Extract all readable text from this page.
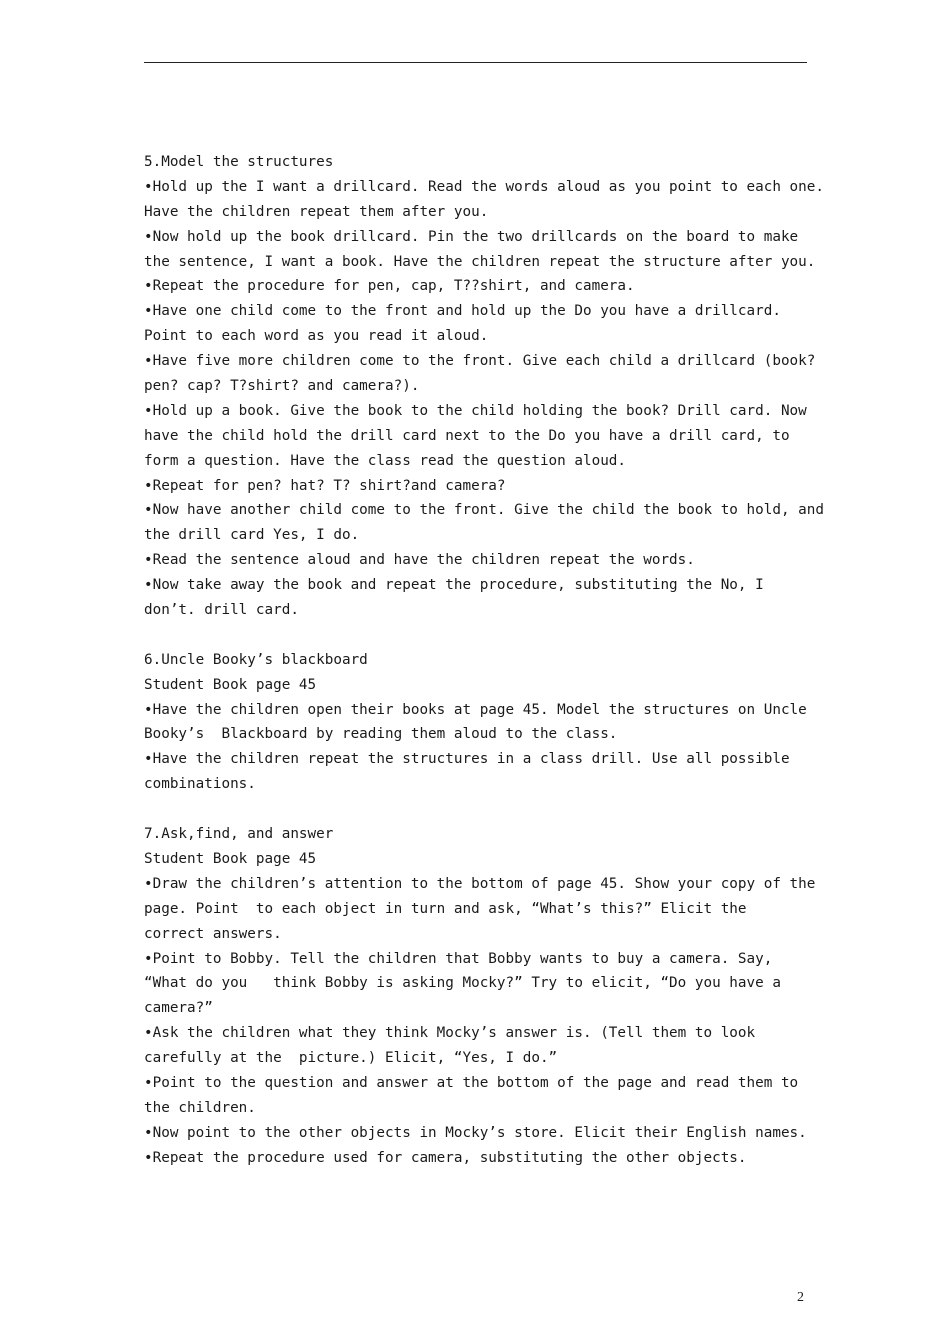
5.Model the structures
•Hold up the I want a drillcard. Read the words aloud as you point to each one.
Have the children repeat them after you.
•Now hold up the book drillcard. Pin the two drillcards on the board to make
the sentence, I want a book. Have the children repeat the structure after you.
•Repeat the procedure for pen, cap, T??shirt, and camera.
•Have one child come to the front and hold up the Do you have a drillcard.
Point to each word as you read it aloud.
•Have five more children come to the front. Give each child a drillcard (book?
pen? cap? T?shirt? and camera?).
•Hold up a book. Give the book to the child holding the book? Drill card. Now
have the child hold the drill card next to the Do you have a drill card, to
form a question. Have the class read the question aloud.
•Repeat for pen? hat? T? shirt?and camera?
•Now have another child come to the front. Give the child the book to hold, and
the drill card Yes, I do.
•Read the sentence aloud and have the children repeat the words.
•Now take away the book and repeat the procedure, substituting the No, I
don’t. drill card.
6.Uncle Booky’s blackboard
Student Book page 45
•Have the children open their books at page 45. Model the structures on Uncle
Booky’s  Blackboard by reading them aloud to the class.
•Have the children repeat the structures in a class drill. Use all possible
combinations.
7.Ask,find, and answer
Student Book page 45
•Draw the children’s attention to the bottom of page 45. Show your copy of the
page. Point  to each object in turn and ask, “What’s this?” Elicit the
correct answers.
•Point to Bobby. Tell the children that Bobby wants to buy a camera. Say,
“What do you   think Bobby is asking Mocky?” Try to elicit, “Do you have a
camera?”
•Ask the children what they think Mocky’s answer is. (Tell them to look
carefully at the  picture.) Elicit, “Yes, I do.”
•Point to the question and answer at the bottom of the page and read them to
the children.
•Now point to the other objects in Mocky’s store. Elicit their English names.
•Repeat the procedure used for camera, substituting the other objects.
2
